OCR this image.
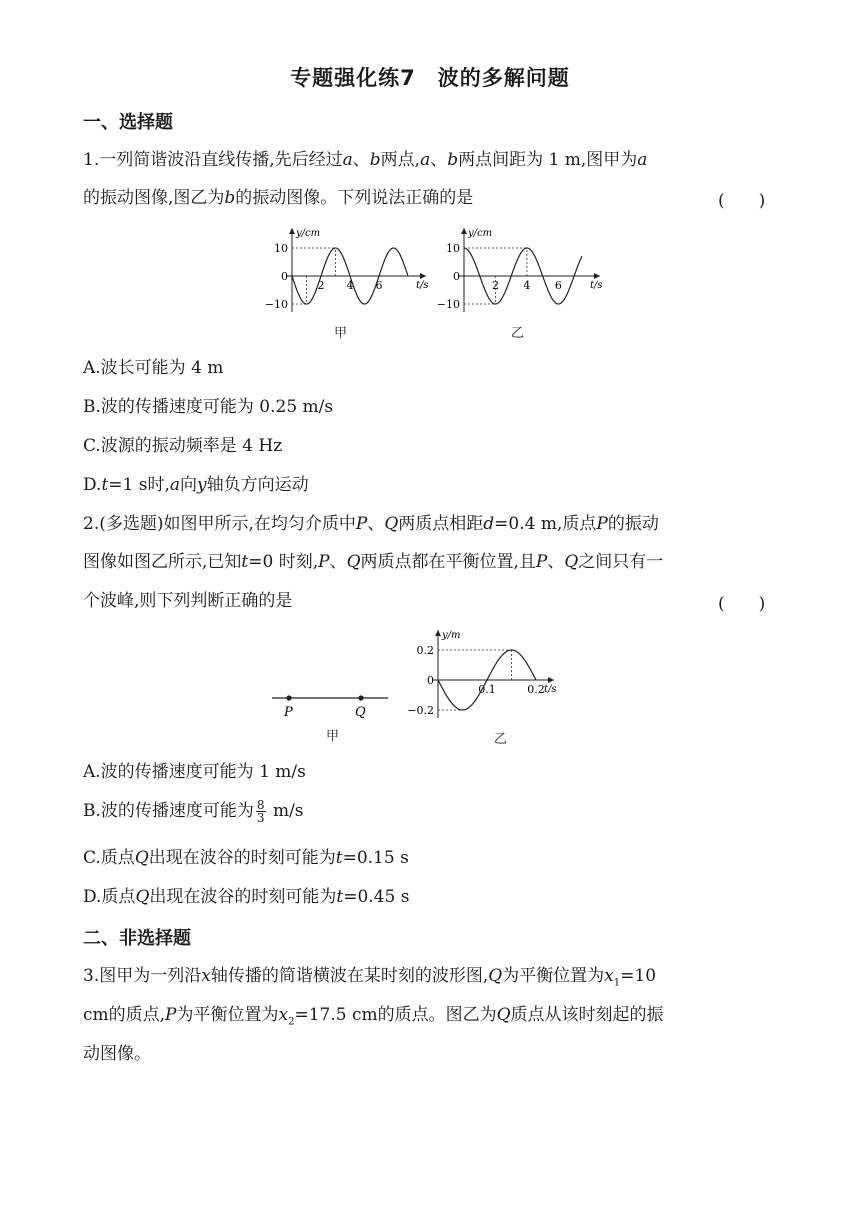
专题强化练7　波的多解问题
一、选择题
1.一列简谐波沿直线传播,先后经过a、b两点,a、b两点间距为 1 m,图甲为a
的振动图像,图乙为b的振动图像。下列说法正确的是	(　　)
y/cm
t/s
10
0
−10
2 4 6
甲
y/cm
t/s
10
0
−10
2 4 6
乙
A.波长可能为 4 m
B.波的传播速度可能为 0.25 m/s
C.波源的振动频率是 4 Hz
D.t=1 s时,a向y轴负方向运动
2.(多选题)如图甲所示,在均匀介质中P、Q两质点相距d=0.4 m,质点P的振动
图像如图乙所示,已知t=0 时刻,P、Q两质点都在平衡位置,且P、Q之间只有一
个波峰,则下列判断正确的是	(　　)
P	Q
甲
y/m
t/s
0.2
0
−0.2
0.1	0.2
乙
A.波的传播速度可能为 1 m/s
B.波的传播速度可能为 $\frac{8}{3} m/s$
C.质点Q出现在波谷的时刻可能为t=0.15 s
D.质点Q出现在波谷的时刻可能为t=0.45 s
二、非选择题
3.图甲为一列沿x轴传播的简谐横波在某时刻的波形图,Q为平衡位置为$x_1=10$
cm的质点,P为平衡位置为$x_2=17.5$ cm的质点。图乙为Q质点从该时刻起的振
动图像。
